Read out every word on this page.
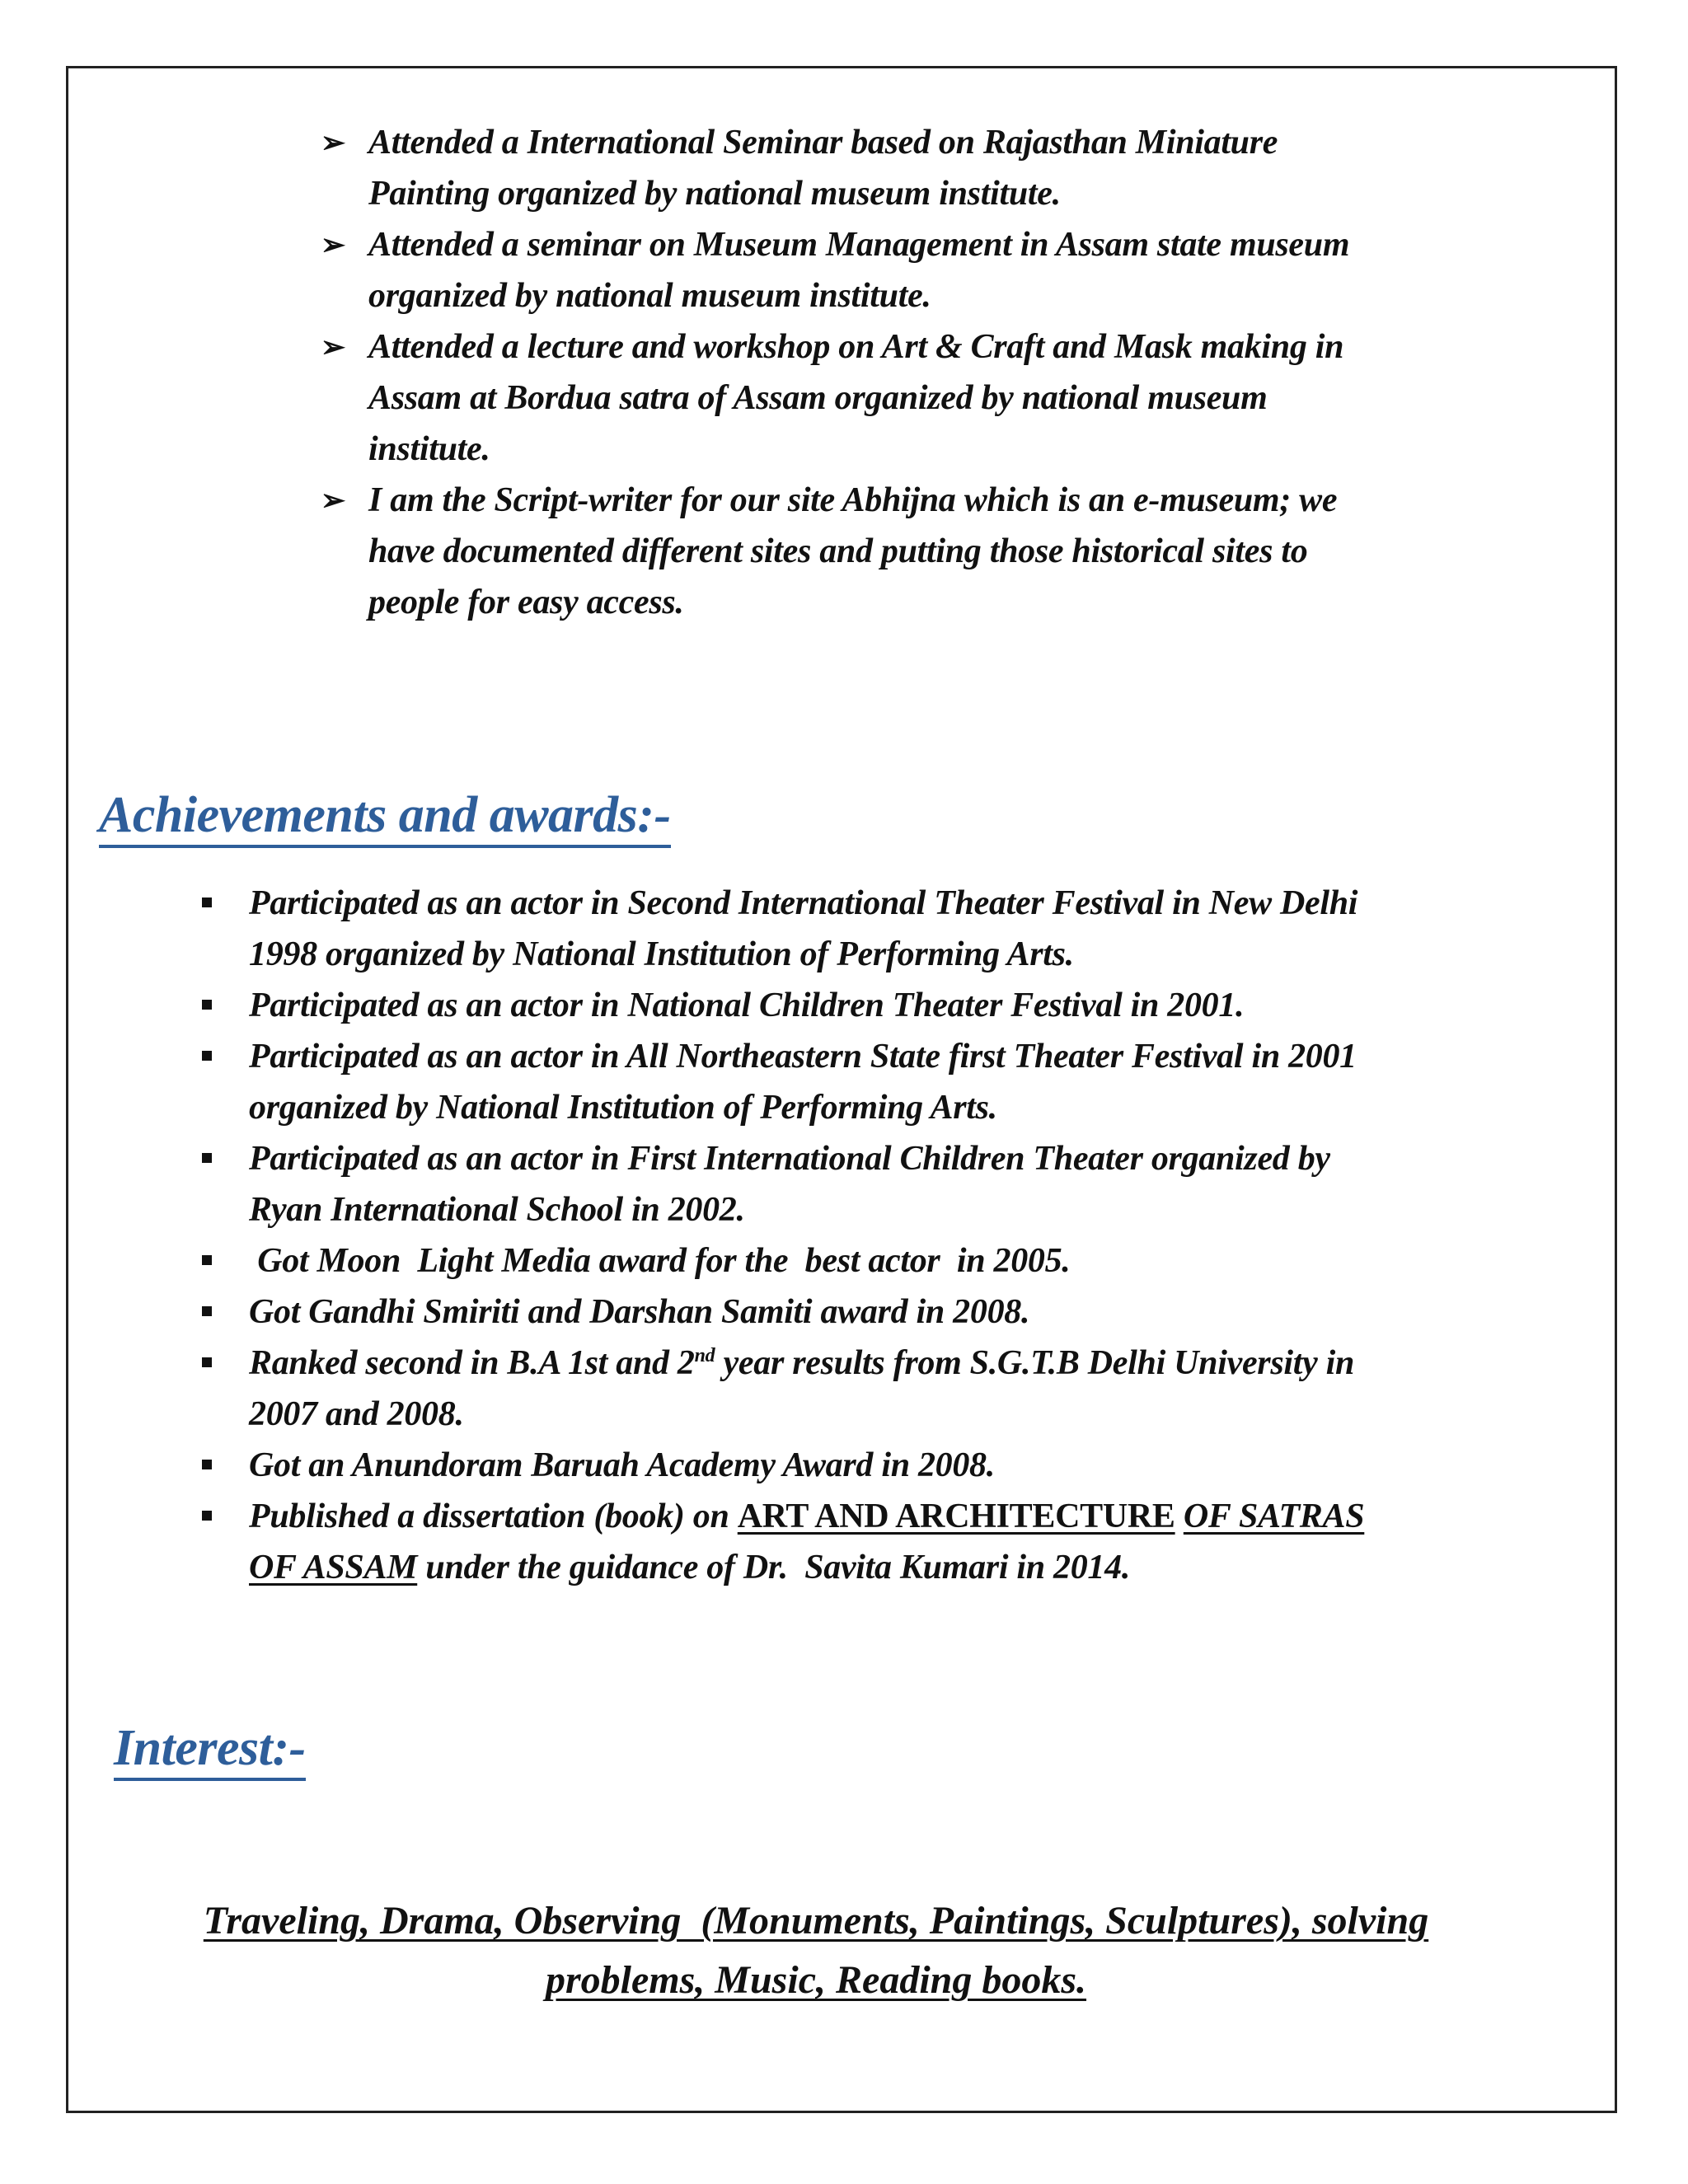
➢ Attended a International Seminar based on Rajasthan Miniature
Painting organized by national museum institute.
➢ Attended a seminar on Museum Management in Assam state museum
organized by national museum institute.
➢ Attended a lecture and workshop on Art & Craft and Mask making in
Assam at Bordua satra of Assam organized by national museum
institute.
➢ I am the Script-writer for our site Abhijna which is an e-museum; we
have documented different sites and putting those historical sites to
people for easy access.
Achievements and awards:-
Participated as an actor in Second International Theater Festival in New Delhi
1998 organized by National Institution of Performing Arts.
Participated as an actor in National Children Theater Festival in 2001.
Participated as an actor in All Northeastern State first Theater Festival in 2001
organized by National Institution of Performing Arts.
Participated as an actor in First International Children Theater organized by
Ryan International School in 2002.
Got Moon  Light Media award for the  best actor  in 2005.
Got Gandhi Smiriti and Darshan Samiti award in 2008.
Ranked second in B.A 1st and 2nd year results from S.G.T.B Delhi University in
2007 and 2008.
Got an Anundoram Baruah Academy Award in 2008.
Published a dissertation (book) on ART AND ARCHITECTURE OF SATRAS
OF ASSAM under the guidance of Dr.  Savita Kumari in 2014.
Interest:-
Traveling, Drama, Observing  (Monuments, Paintings, Sculptures), solving
problems, Music, Reading books.
